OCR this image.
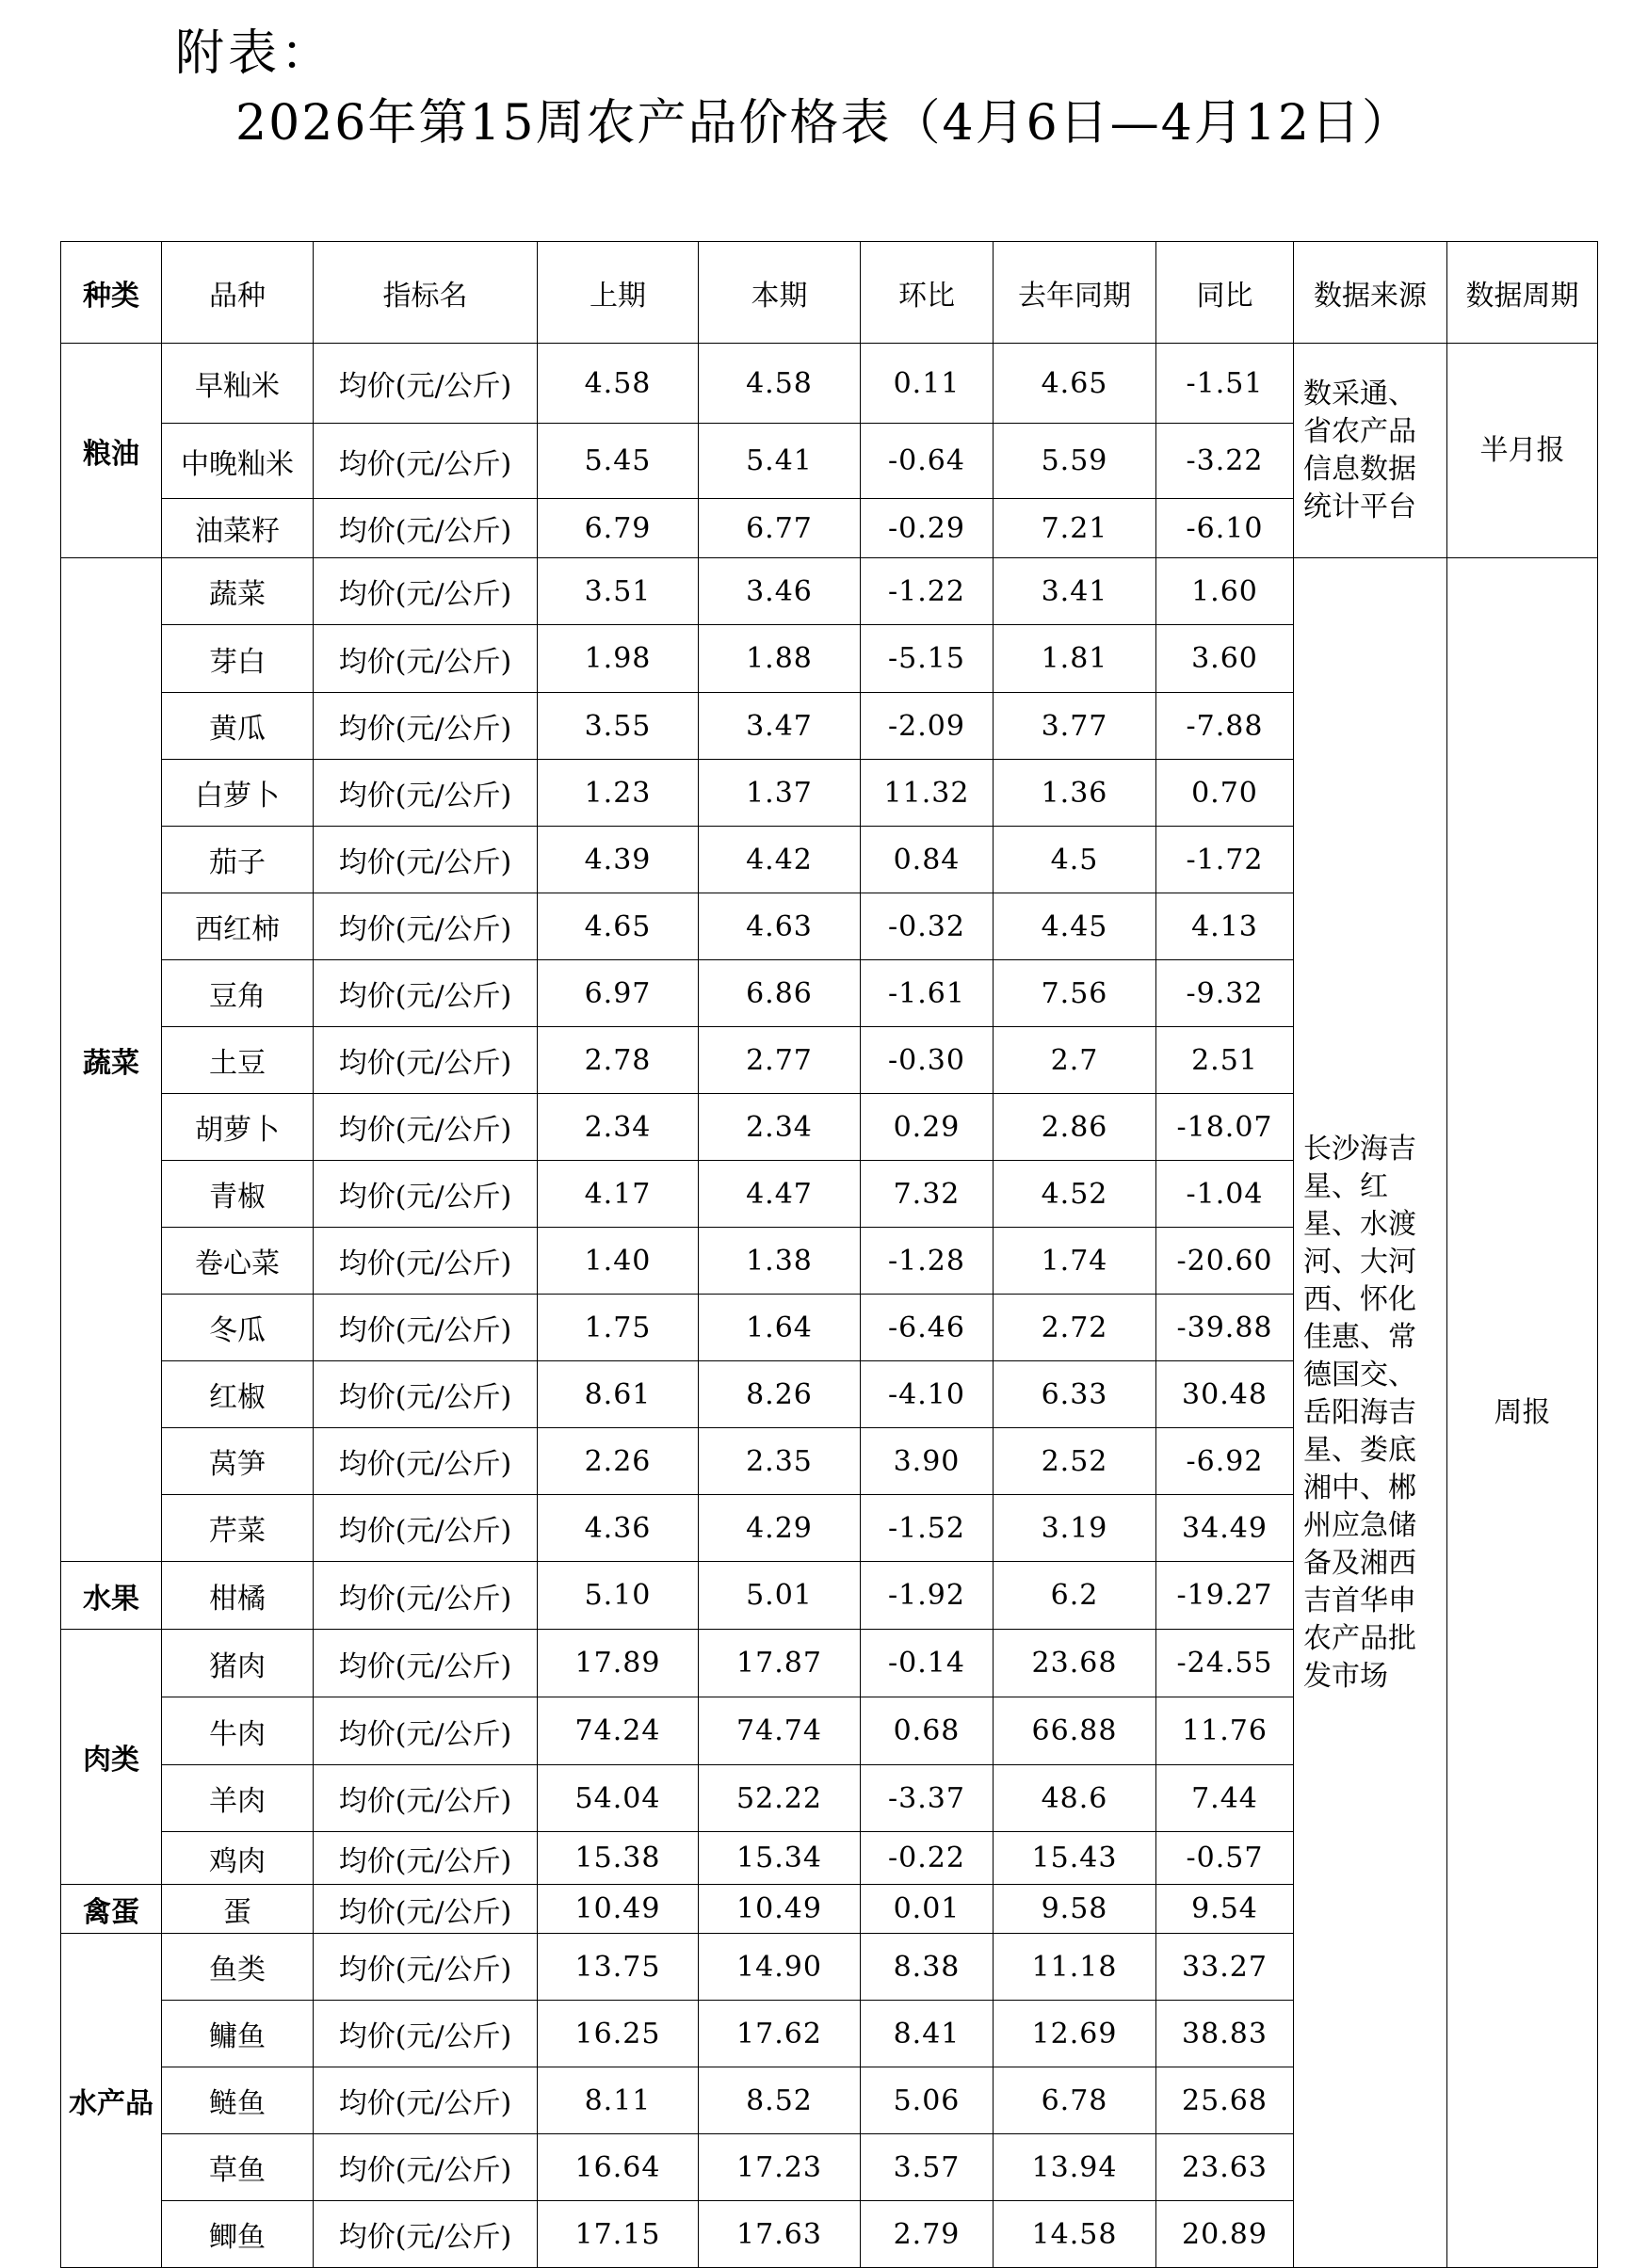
附表：
2026年第15周农产品价格表（4月6日—4月12日）
种类	品种	指标名	上期	本期	环比	去年同期	同比	数据来源	数据周期
粮油	早籼米	均价(元/公斤)	4.58	4.58	0.11	4.65	-1.51	数采通、省农产品信息数据统计平台	半月报
	中晚籼米	均价(元/公斤)	5.45	5.41	-0.64	5.59	-3.22		
	油菜籽	均价(元/公斤)	6.79	6.77	-0.29	7.21	-6.10		
蔬菜	蔬菜	均价(元/公斤)	3.51	3.46	-1.22	3.41	1.60	长沙海吉星、红星、水渡河、大河西、怀化佳惠、常德国交、岳阳海吉星、娄底湘中、郴州应急储备及湘西吉首华申农产品批发市场	周报
	芽白	均价(元/公斤)	1.98	1.88	-5.15	1.81	3.60		
	黄瓜	均价(元/公斤)	3.55	3.47	-2.09	3.77	-7.88		
	白萝卜	均价(元/公斤)	1.23	1.37	11.32	1.36	0.70		
	茄子	均价(元/公斤)	4.39	4.42	0.84	4.5	-1.72		
	西红柿	均价(元/公斤)	4.65	4.63	-0.32	4.45	4.13		
	豆角	均价(元/公斤)	6.97	6.86	-1.61	7.56	-9.32		
	土豆	均价(元/公斤)	2.78	2.77	-0.30	2.7	2.51		
	胡萝卜	均价(元/公斤)	2.34	2.34	0.29	2.86	-18.07		
	青椒	均价(元/公斤)	4.17	4.47	7.32	4.52	-1.04		
	卷心菜	均价(元/公斤)	1.40	1.38	-1.28	1.74	-20.60		
	冬瓜	均价(元/公斤)	1.75	1.64	-6.46	2.72	-39.88		
	红椒	均价(元/公斤)	8.61	8.26	-4.10	6.33	30.48		
	莴笋	均价(元/公斤)	2.26	2.35	3.90	2.52	-6.92		
	芹菜	均价(元/公斤)	4.36	4.29	-1.52	3.19	34.49		
水果	柑橘	均价(元/公斤)	5.10	5.01	-1.92	6.2	-19.27		
肉类	猪肉	均价(元/公斤)	17.89	17.87	-0.14	23.68	-24.55		
	牛肉	均价(元/公斤)	74.24	74.74	0.68	66.88	11.76		
	羊肉	均价(元/公斤)	54.04	52.22	-3.37	48.6	7.44		
	鸡肉	均价(元/公斤)	15.38	15.34	-0.22	15.43	-0.57		
禽蛋	蛋	均价(元/公斤)	10.49	10.49	0.01	9.58	9.54		
水产品	鱼类	均价(元/公斤)	13.75	14.90	8.38	11.18	33.27		
	鳙鱼	均价(元/公斤)	16.25	17.62	8.41	12.69	38.83		
	鲢鱼	均价(元/公斤)	8.11	8.52	5.06	6.78	25.68		
	草鱼	均价(元/公斤)	16.64	17.23	3.57	13.94	23.63		
	鲫鱼	均价(元/公斤)	17.15	17.63	2.79	14.58	20.89		
